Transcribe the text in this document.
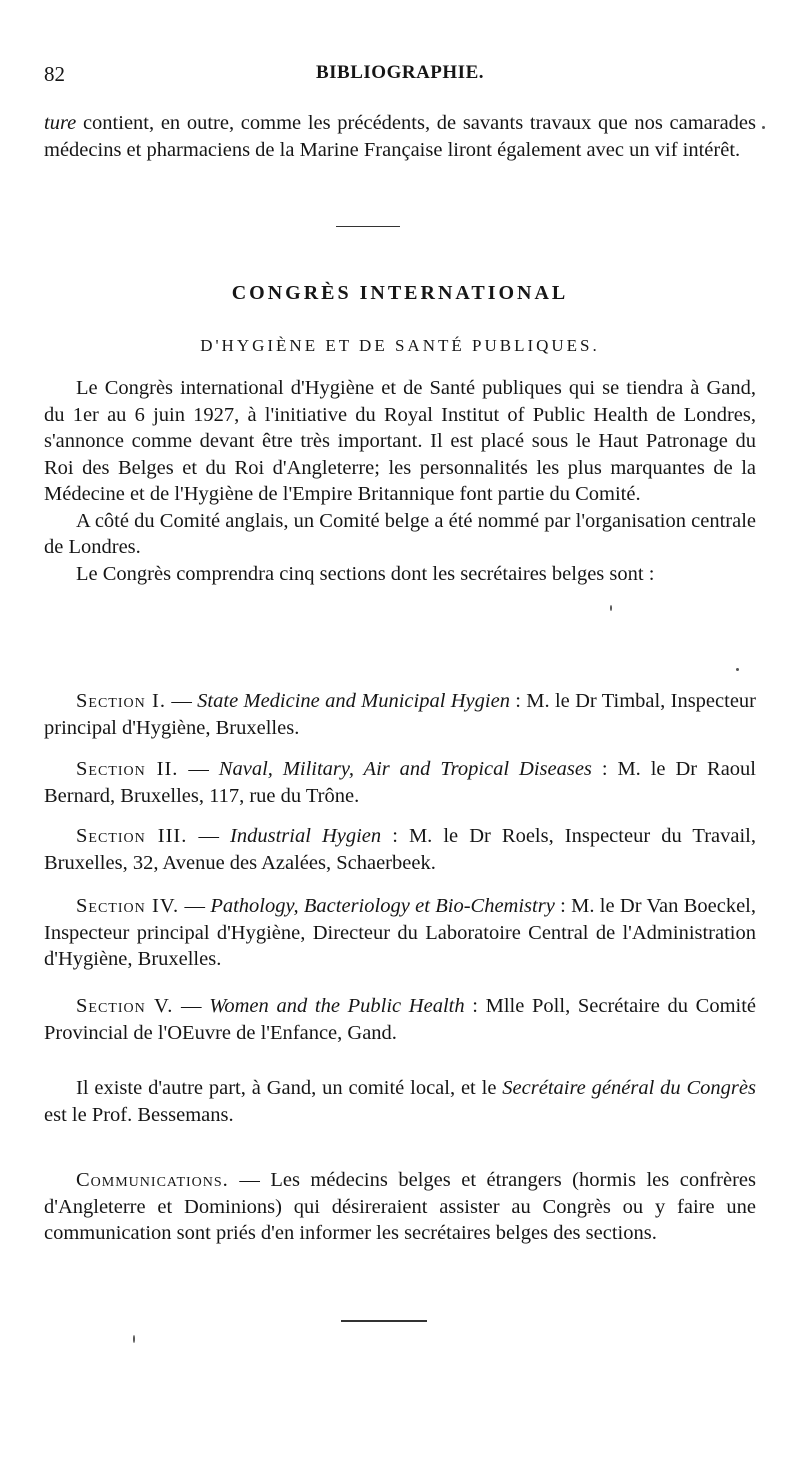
82	BIBLIOGRAPHIE.

ture contient, en outre, comme les précédents, de savants travaux que nos camarades médecins et pharmaciens de la Marine Française liront également avec un vif intérêt.

CONGRÈS INTERNATIONAL
D'HYGIÈNE ET DE SANTÉ PUBLIQUES.

Le Congrès international d'Hygiène et de Santé publiques qui se tiendra à Gand, du 1er au 6 juin 1927, à l'initiative du Royal Institut of Public Health de Londres, s'annonce comme devant être très important. Il est placé sous le Haut Patronage du Roi des Belges et du Roi d'Angleterre; les personnalités les plus marquantes de la Médecine et de l'Hygiène de l'Empire Britannique font partie du Comité.

A côté du Comité anglais, un Comité belge a été nommé par l'organisation centrale de Londres.

Le Congrès comprendra cinq sections dont les secrétaires belges sont :

Section I. — State Medicine and Municipal Hygien : M. le Dr Timbal, Inspecteur principal d'Hygiène, Bruxelles.

Section II. — Naval, Military, Air and Tropical Diseases : M. le Dr Raoul Bernard, Bruxelles, 117, rue du Trône.

Section III. — Industrial Hygien : M. le Dr Roels, Inspecteur du Travail, Bruxelles, 32, Avenue des Azalées, Schaerbeek.

Section IV. — Pathology, Bacteriology et Bio-Chemistry : M. le Dr Van Boeckel, Inspecteur principal d'Hygiène, Directeur du Laboratoire Central de l'Administration d'Hygiène, Bruxelles.

Section V. — Women and the Public Health : Mlle Poll, Secrétaire du Comité Provincial de l'OEuvre de l'Enfance, Gand.

Il existe d'autre part, à Gand, un comité local, et le Secrétaire général du Congrès est le Prof. Bessemans.

Communications. — Les médecins belges et étrangers (hormis les confrères d'Angleterre et Dominions) qui désireraient assister au Congrès ou y faire une communication sont priés d'en informer les secrétaires belges des sections.
